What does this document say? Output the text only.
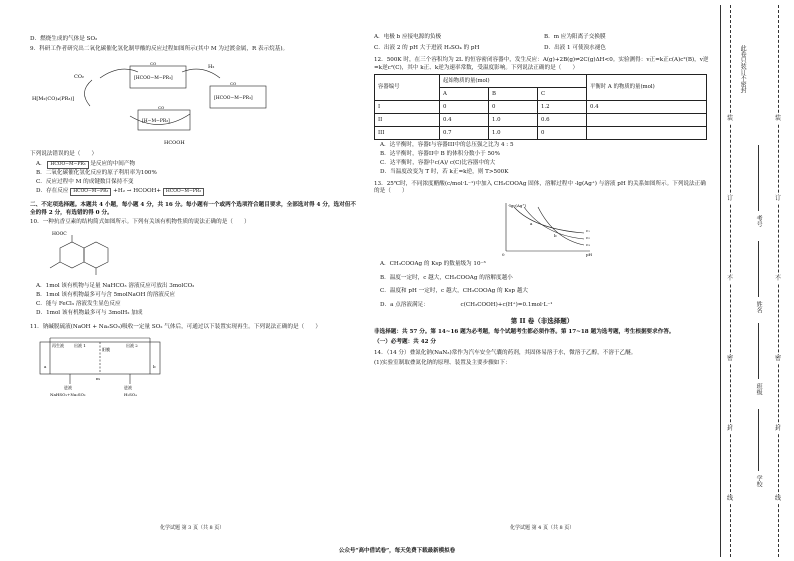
D．燃烧生成的气体是 SO₂

9．科研工作者研究出二氧化碳催化氢化制甲酸的反应过程如图所示(其中 M 为过渡金属，R 表示烷基)。

CO₂
H₂
H[M₂(CO)₄(PR₃)]
HCOOH
[HCOO−M−PR₃]
[HCOO−M−PR₃]
[H−M−PR₃]
CO
CO
CO

下列说法错误的是（　　）

A． HCOO−M−PR₃ 是反应的中间产物

B．二氧化碳催化氢化反应的原子利用率为100%

C．反应过程中 M 的成键数目保持不变

D．存在反应 HCOO−M−PR₃ +H₂ → HCOOH+ HCOO−M−PR₃

二、不定项选择题。本题共 4 小题，每小题 4 分，共 16 分。每小题有一个或两个选项符合题目要求，全部选对得 4 分，选对但不全的得 2 分，有选错的得 0 分。

10．一种抗香豆素的结构简式如图所示。下列有关该有机物性质的说法正确的是（　　）

HOOC

A．1mol 该有机物与足量 NaHCO₃ 溶液反应可放出 3molCO₂

B．1mol 该有机物最多可与含 5molNaOH 的溶液反应

C．能与 FeCl₃ 溶液发生显色反应

D．1mol 该有机物最多可与 3molH₂ 加成

11．钠碱脱硫液(NaOH + Na₂SO₃)吸收一定量 SO₂ 气体后，可通过以下装置实现再生。下列说法正确的是（　　）

再生液	出液 1
阳膜
出液 2
a	b
m
进液
NaHSO₃+Na₂SO₃
进液
H₂SO₄
化学试题 第 3 页（共 8 页）

A．电极 b 应接电源的负极	B．m 应为阳离子交换膜

C．出液 2 的 pH 大于进液 H₂SO₄ 的 pH	D．出液 1 可使溴水褪色

12．500K 时，在三个容积均为 2L 的恒容密闭容器中，发生反应：A(g)+2B(g)⇌2C(g)ΔH<0。实验测得：v正=k正c(A)c²(B)，v逆=k逆c²(C)，其中 k正、k逆为速率常数，受温度影响。下列说法正确的是（　　）

容器编号	起始物质的量(mol)			平衡时 A 的物质的量(mol)
	A	B	C	
I	0	0	1.2	0.4
II	0.4	1.0	0.6	
III	0.7	1.0	0	

A．达平衡时，容器I与容器III中的总压强之比为 4 : 5

B．达平衡时，容器II中 B 的体积分数小于 50%

C．达平衡时，容器中c(A)/ c(C)比容器中的大

D．当温度改变为 T 时，若 k正=k逆，则 T>500K

13．25℃时，不同浓度醋酸(c/mol·L⁻¹)中加入 CH₃COOAg 固体，溶解过程中 -lg(Ag⁺) 与溶液 pH 的关系如图所示。下列说法正确的是（　　）

-lgc(Ag⁺)
pH
0
c₁
c₂
c₃
a
b

A．CH₃COOAg 的 Ksp 的数量级为 10⁻³

B．温度一定时，c 越大，CH₃COOAg 的溶解度越小

C．温度和 pH 一定时，c 越大，CH₃COOAg 的 Ksp 越大

D．a 点溶液满足：	c(CH₃COOH)+c(H⁺)=0.1mol·L⁻¹

第 II 卷（非选择题）

非选择题：共 57 分。第 14~16 题为必考题，每个试题考生都必须作答。第 17~18 题为选考题，考生根据要求作答。

（一）必考题：共 42 分

14．（14 分）叠氮化钠(NaN₃)常作为汽车安全气囊的药剂，其固体易溶于水，微溶于乙醇，不溶于乙醚。

(1)实验室制取叠氮化钠的原理、装置及主要步骤如下：

化学试题 第 4 页（共 8 页）
公众号“高中借试卷”，每天免费下载最新模拟卷
此卷只装订不密封
装
订
不
密
封
线
装
订
不
密
封
线
考号
姓名
班级
学校
